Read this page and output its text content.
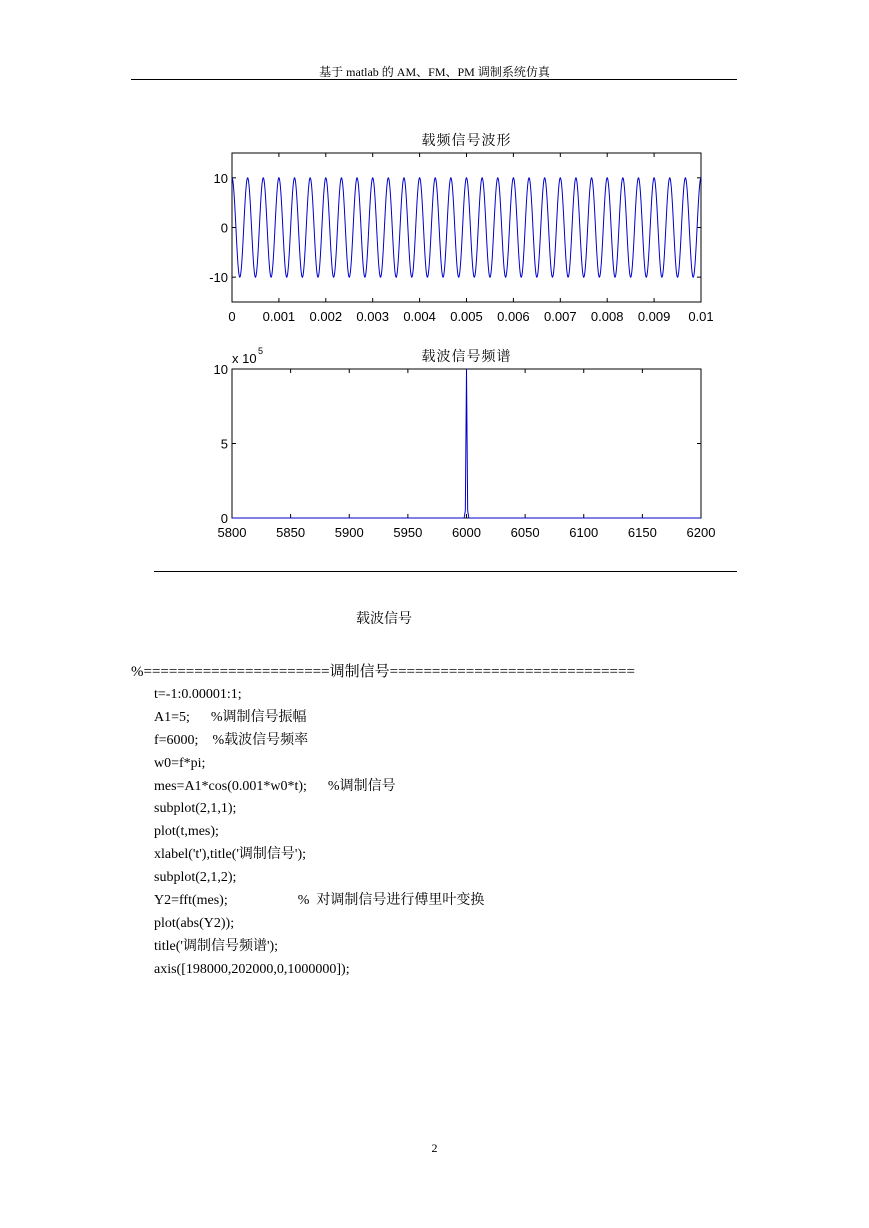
基于 matlab 的 AM、FM、PM 调制系统仿真
载频信号波形
0 0.001 0.002 0.003 0.004 0.005 0.006 0.007 0.008 0.009 0.01
10
0
-10
载波信号频谱
5800 5850 5900 5950 6000 6050 6100 6150 6200
10
5
0
x 10 5
载波信号
%======================调制信号=============================
t=-1:0.00001:1;
A1=5;      %调制信号振幅
f=6000;    %载波信号频率
w0=f*pi;
mes=A1*cos(0.001*w0*t);      %调制信号
subplot(2,1,1);
plot(t,mes);
xlabel('t'),title('调制信号');
subplot(2,1,2);
Y2=fft(mes);                    %  对调制信号进行傅里叶变换
plot(abs(Y2));
title('调制信号频谱');
axis([198000,202000,0,1000000]);
2
